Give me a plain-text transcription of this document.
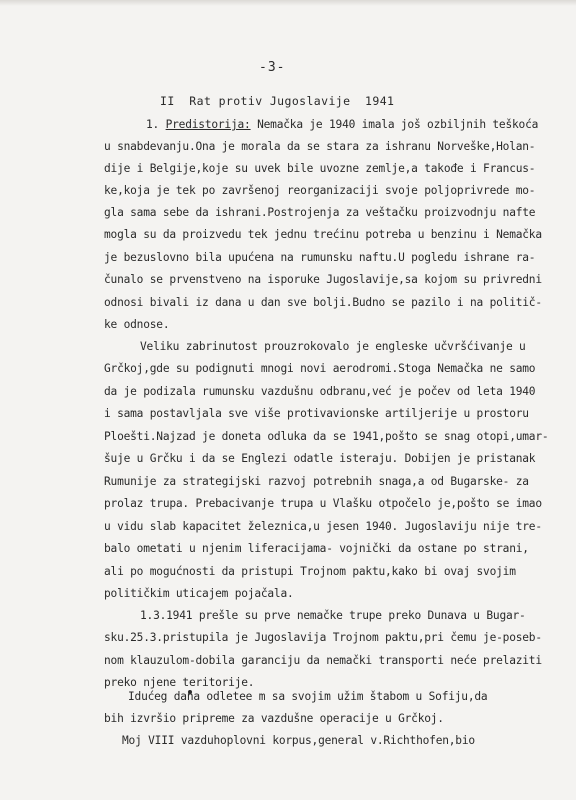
-3-
II  Rat protiv Jugoslavije  1941
1. Predistorija: Nemačka je 1940 imala još ozbiljnih teškoća
u snabdevanju.Ona je morala da se stara za ishranu Norveške,Holan-
dije i Belgije,koje su uvek bile uvozne zemlje,a takođe i Francus-
ke,koja je tek po završenoj reorganizaciji svoje poljoprivrede mo-
gla sama sebe da ishrani.Postrojenja za veštačku proizvodnju nafte
mogla su da proizvedu tek jednu trećinu potreba u benzinu i Nemačka
je bezuslovno bila upućena na rumunsku naftu.U pogledu ishrane ra-
čunalo se prvenstveno na isporuke Jugoslavije,sa kojom su privredni
odnosi bivali iz dana u dan sve bolji.Budno se pazilo i na politič-
ke odnose.
Veliku zabrinutost prouzrokovalo je engleske učvršćivanje u
Grčkoj,gde su podignuti mnogi novi aerodromi.Stoga Nemačka ne samo
da je podizala rumunsku vazdušnu odbranu,već je počev od leta 1940
i sama postavljala sve više protivavionske artiljerije u prostoru
Ploešti.Najzad je doneta odluka da se 1941,pošto se snag otopi,umar-
šuje u Grčku i da se Englezi odatle isteraju. Dobijen je pristanak
Rumunije za strategijski razvoj potrebnih snaga,a od Bugarske- za
prolaz trupa. Prebacivanje trupa u Vlašku otpočelo je,pošto se imao
u vidu slab kapacitet železnica,u jesen 1940. Jugoslaviju nije tre-
balo ometati u njenim liferacijama- vojnički da ostane po strani,
ali po mogućnosti da pristupi Trojnom paktu,kako bi ovaj svojim
političkim uticajem pojačala.
1.3.1941 prešle su prve nemačke trupe preko Dunava u Bugar-
sku.25.3.pristupila je Jugoslavija Trojnom paktu,pri čemu je-poseb-
nom klauzulom-dobila garanciju da nemački transporti neće prelaziti
preko njene teritorije.
Idućeg dana odletee m sa svojim užim štabom u Sofiju,da
bih izvršio pripreme za vazdušne operacije u Grčkoj.
Moj VIII vazduhoplovni korpus,general v.Richthofen,bio
